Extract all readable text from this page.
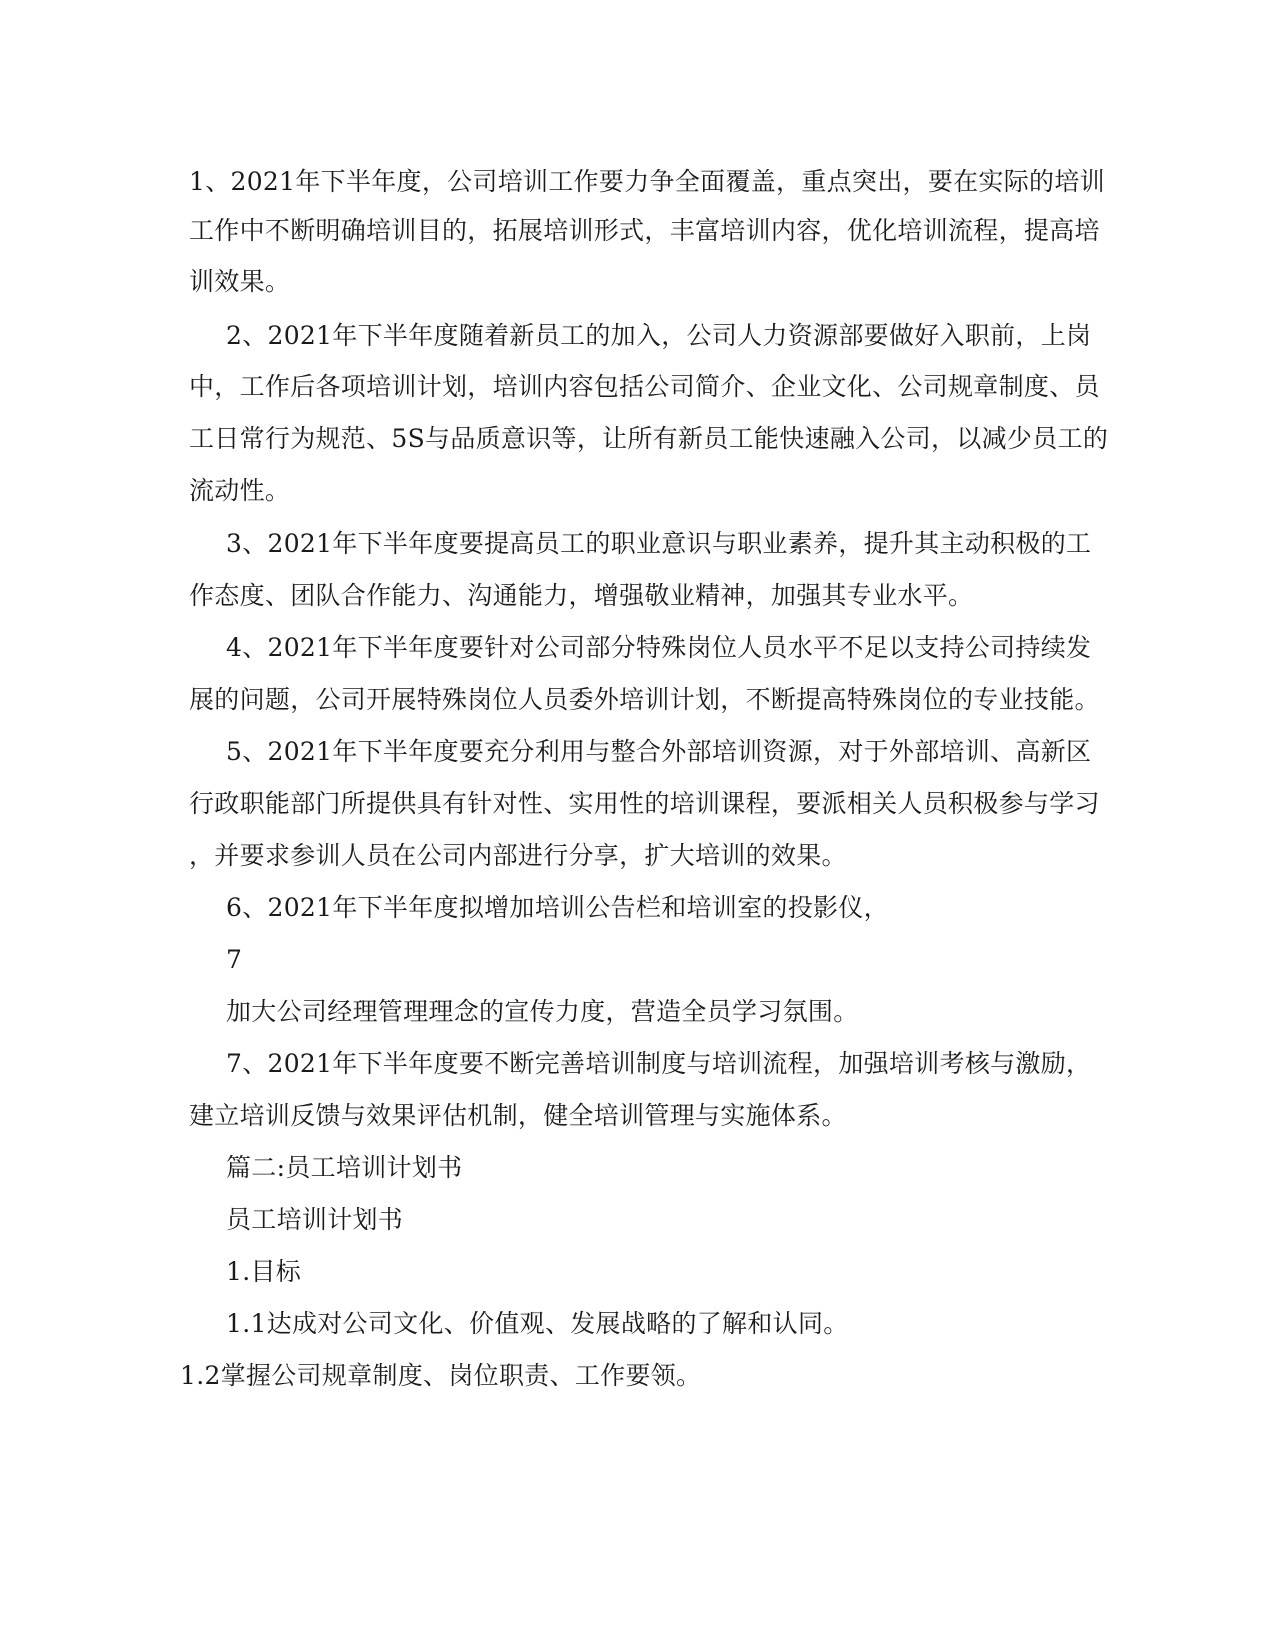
1、2021年下半年度，公司培训工作要力争全面覆盖，重点突出，要在实际的培训

工作中不断明确培训目的，拓展培训形式，丰富培训内容，优化培训流程，提高培

训效果。

2、2021年下半年度随着新员工的加入，公司人力资源部要做好入职前，上岗

中，工作后各项培训计划，培训内容包括公司简介、企业文化、公司规章制度、员

工日常行为规范、5S与品质意识等，让所有新员工能快速融入公司，以减少员工的

流动性。

3、2021年下半年度要提高员工的职业意识与职业素养，提升其主动积极的工

作态度、团队合作能力、沟通能力，增强敬业精神，加强其专业水平。

4、2021年下半年度要针对公司部分特殊岗位人员水平不足以支持公司持续发

展的问题，公司开展特殊岗位人员委外培训计划，不断提高特殊岗位的专业技能。

5、2021年下半年度要充分利用与整合外部培训资源，对于外部培训、高新区

行政职能部门所提供具有针对性、实用性的培训课程，要派相关人员积极参与学习

，并要求参训人员在公司内部进行分享，扩大培训的效果。

6、2021年下半年度拟增加培训公告栏和培训室的投影仪，

7

加大公司经理管理理念的宣传力度，营造全员学习氛围。

7、2021年下半年度要不断完善培训制度与培训流程，加强培训考核与激励，

建立培训反馈与效果评估机制，健全培训管理与实施体系。

篇二:员工培训计划书

员工培训计划书

1.目标

1.1达成对公司文化、价值观、发展战略的了解和认同。

1.2掌握公司规章制度、岗位职责、工作要领。
